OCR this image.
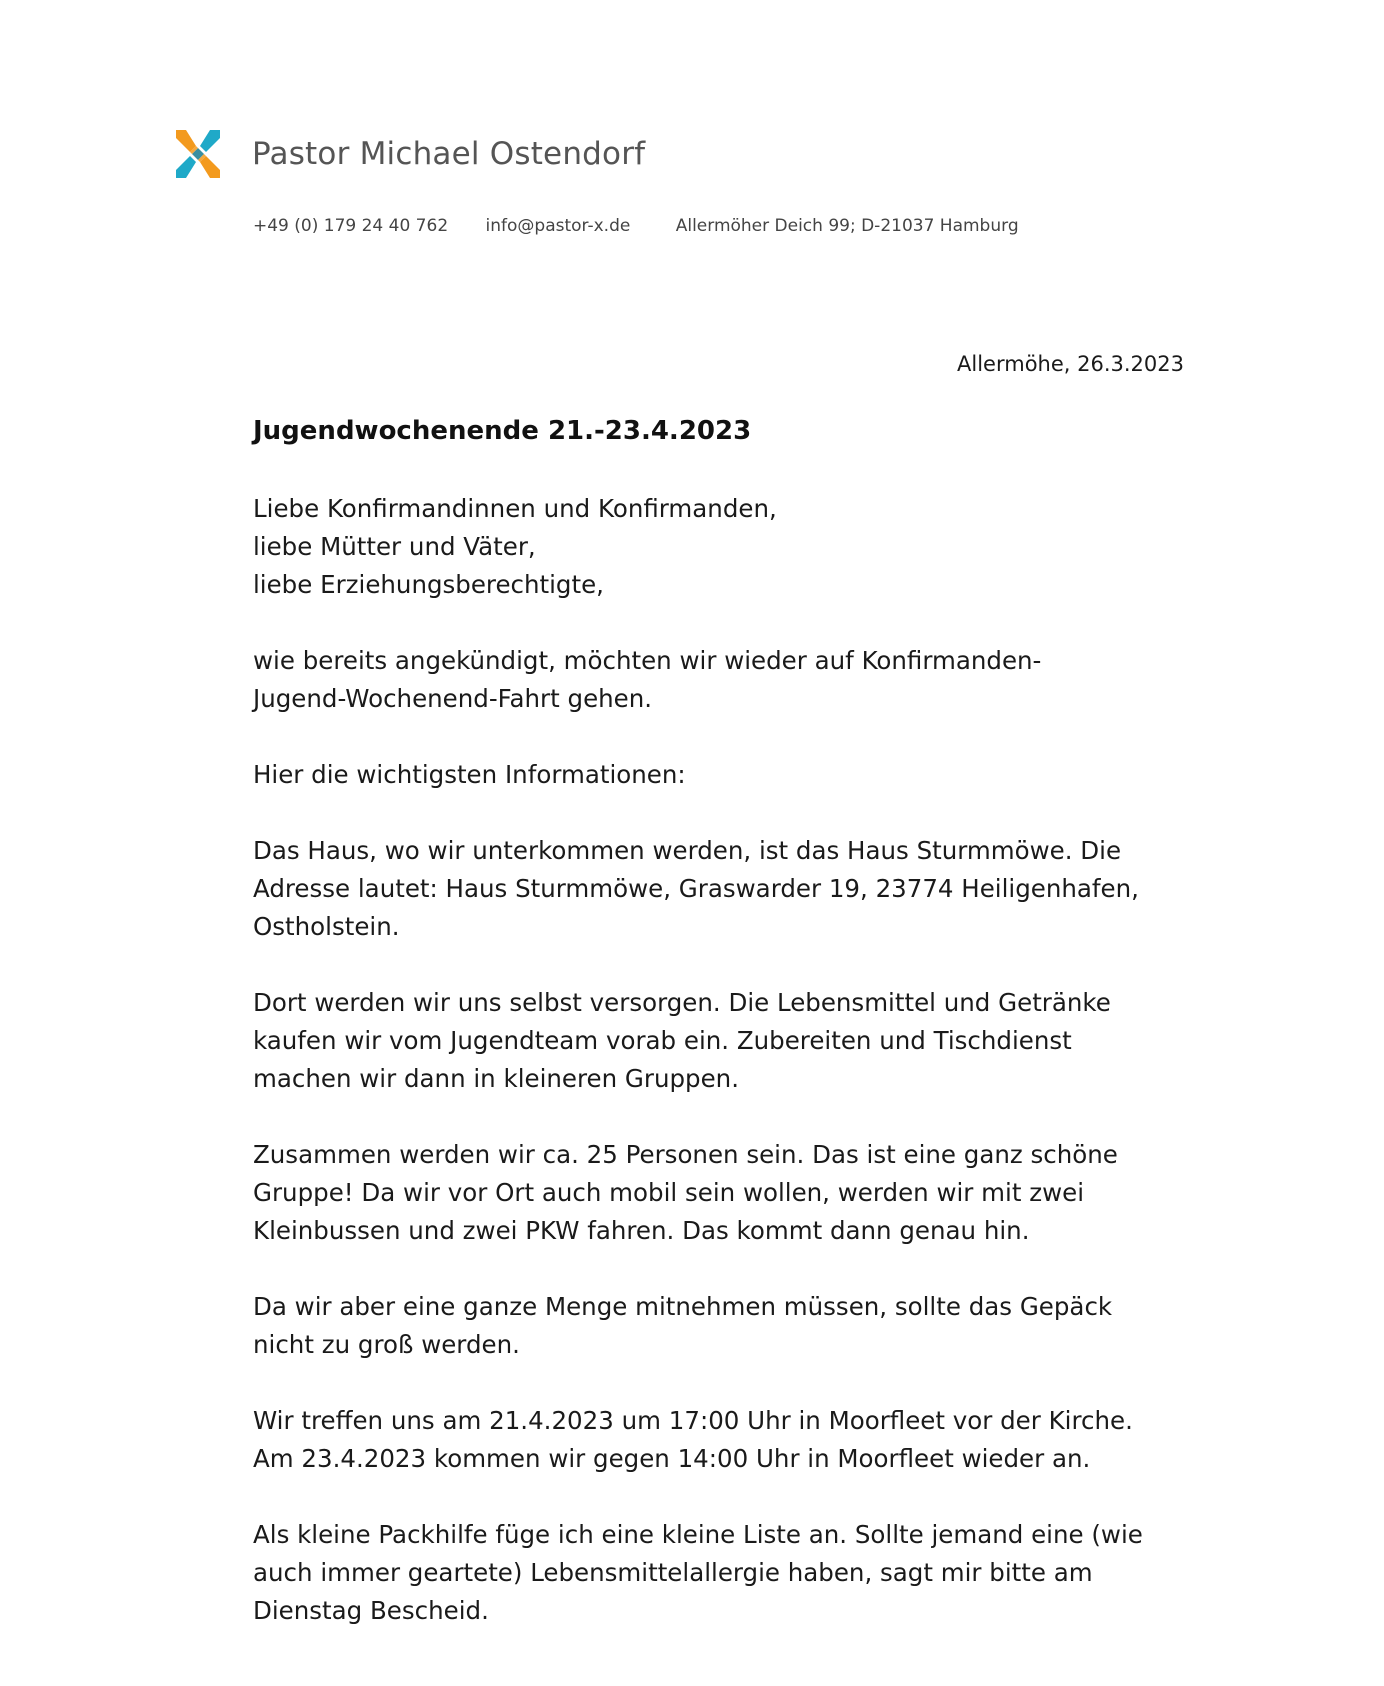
Pastor Michael Ostendorf
+49 (0) 179 24 40 762 info@pastor-x.de	Allermöher Deich 99; D-21037 Hamburg
Allermöhe, 26.3.2023
Jugendwochenende 21.-23.4.2023
Liebe Konfirmandinnen und Konfirmanden,
liebe Mütter und Väter,
liebe Erziehungsberechtigte,
wie bereits angekündigt, möchten wir wieder auf Konfirmanden-
Jugend-Wochenend-Fahrt gehen.
Hier die wichtigsten Informationen:
Das Haus, wo wir unterkommen werden, ist das Haus Sturmmöwe. Die
Adresse lautet: Haus Sturmmöwe, Graswarder 19, 23774 Heiligenhafen,
Ostholstein.
Dort werden wir uns selbst versorgen. Die Lebensmittel und Getränke
kaufen wir vom Jugendteam vorab ein. Zubereiten und Tischdienst
machen wir dann in kleineren Gruppen.
Zusammen werden wir ca. 25 Personen sein. Das ist eine ganz schöne
Gruppe! Da wir vor Ort auch mobil sein wollen, werden wir mit zwei
Kleinbussen und zwei PKW fahren. Das kommt dann genau hin.
Da wir aber eine ganze Menge mitnehmen müssen, sollte das Gepäck
nicht zu groß werden.
Wir treffen uns am 21.4.2023 um 17:00 Uhr in Moorfleet vor der Kirche.
Am 23.4.2023 kommen wir gegen 14:00 Uhr in Moorfleet wieder an.
Als kleine Packhilfe füge ich eine kleine Liste an. Sollte jemand eine (wie
auch immer geartete) Lebensmittelallergie haben, sagt mir bitte am
Dienstag Bescheid.
